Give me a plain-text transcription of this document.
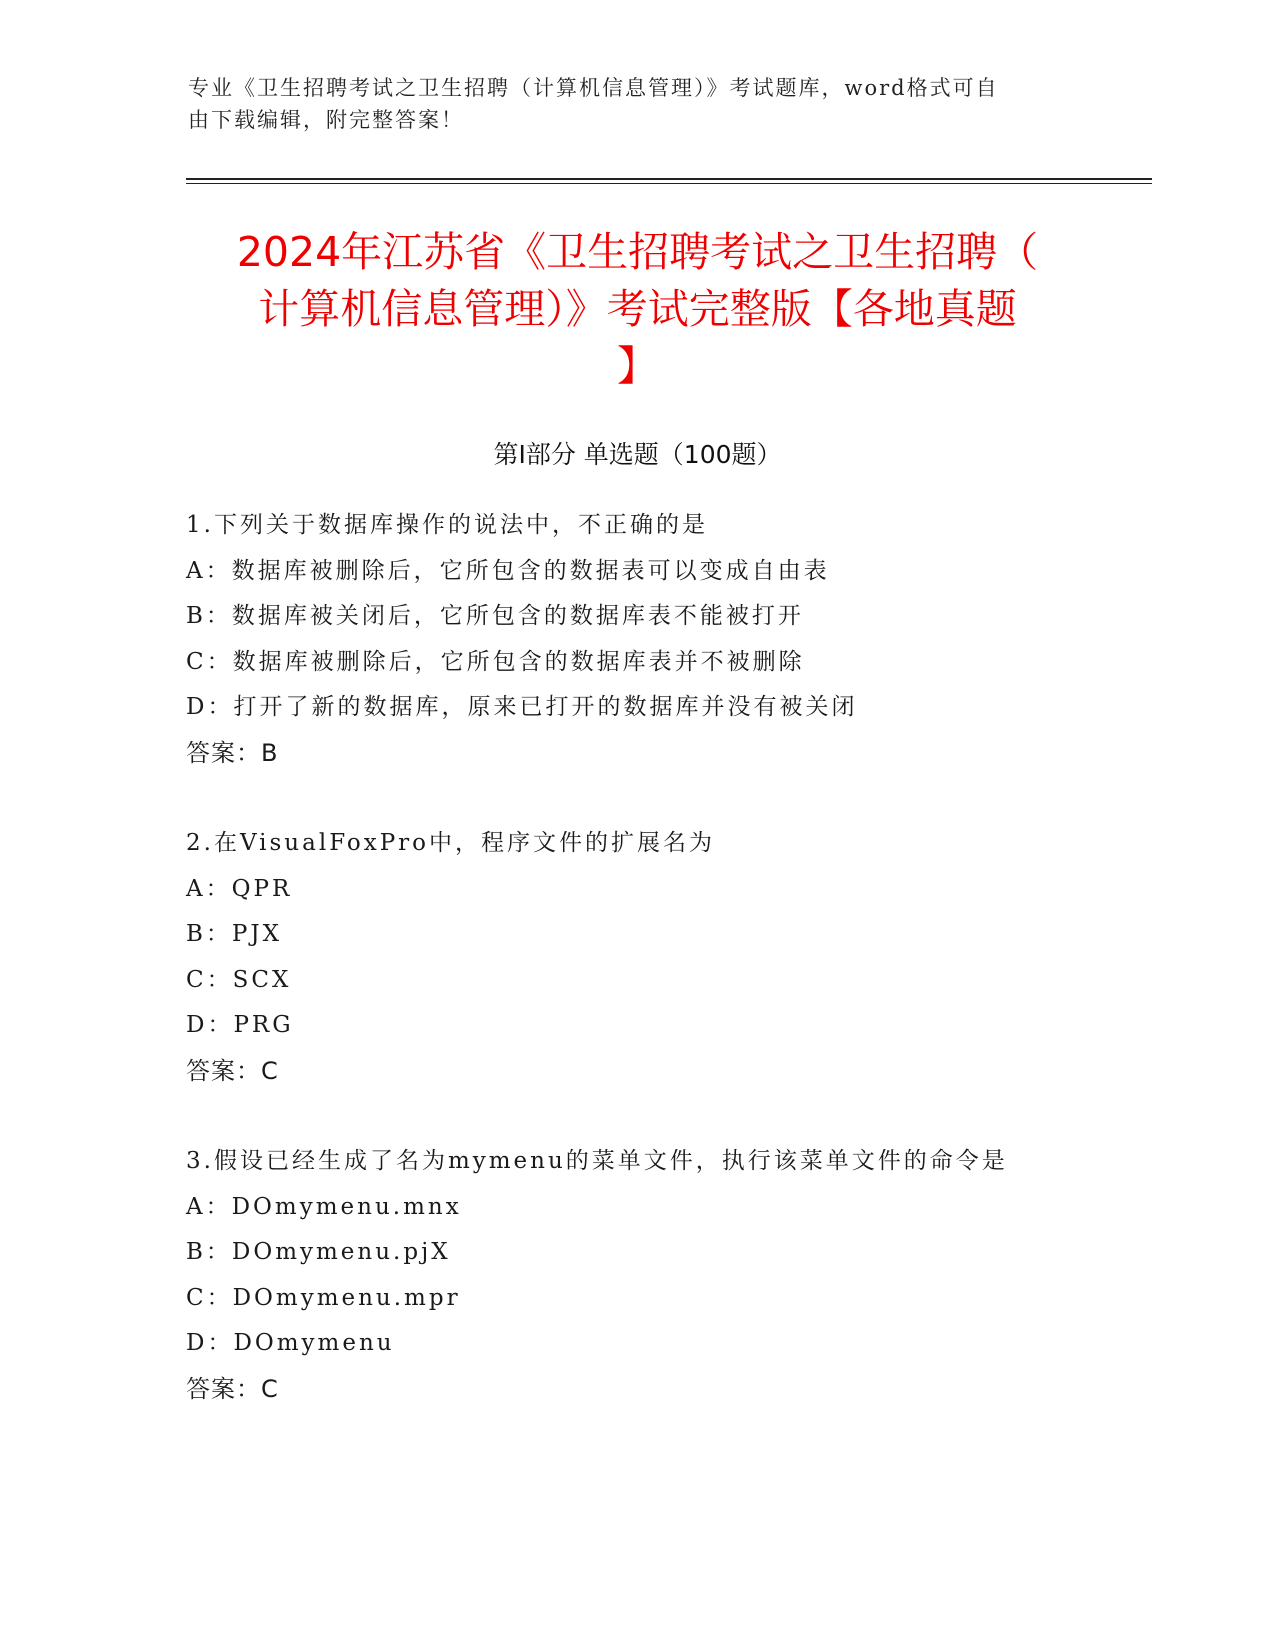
专业《卫生招聘考试之卫生招聘（计算机信息管理）》考试题库，word格式可自
由下载编辑，附完整答案！
2024年江苏省《卫生招聘考试之卫生招聘（
计算机信息管理）》考试完整版【各地真题
】
第Ⅰ部分 单选题（100题）
1.下列关于数据库操作的说法中，不正确的是
A：数据库被删除后，它所包含的数据表可以变成自由表
B：数据库被关闭后，它所包含的数据库表不能被打开
C：数据库被删除后，它所包含的数据库表并不被删除
D：打开了新的数据库，原来已打开的数据库并没有被关闭
答案：B
2.在VisualFoxPro中，程序文件的扩展名为
A：QPR
B：PJX
C：SCX
D：PRG
答案：C
3.假设已经生成了名为mymenu的菜单文件，执行该菜单文件的命令是
A：DOmymenu.mnx
B：DOmymenu.pjX
C：DOmymenu.mpr
D：DOmymenu
答案：C
